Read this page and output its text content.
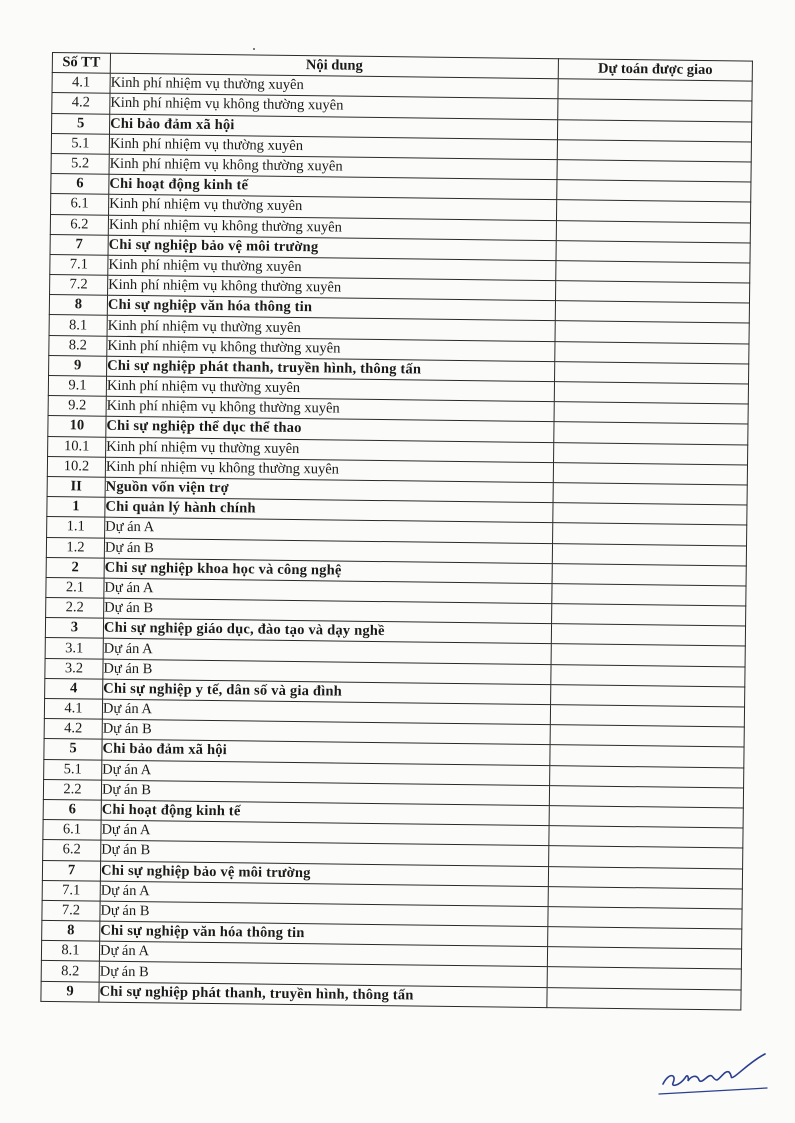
Số TT	Nội dung	Dự toán được giao
4.1	Kinh phí nhiệm vụ thường xuyên	
4.2	Kinh phí nhiệm vụ không thường xuyên	
5	Chi bảo đảm xã hội	
5.1	Kinh phí nhiệm vụ thường xuyên	
5.2	Kinh phí nhiệm vụ không thường xuyên	
6	Chi hoạt động kinh tế	
6.1	Kinh phí nhiệm vụ thường xuyên	
6.2	Kinh phí nhiệm vụ không thường xuyên	
7	Chi sự nghiệp bảo vệ môi trường	
7.1	Kinh phí nhiệm vụ thường xuyên	
7.2	Kinh phí nhiệm vụ không thường xuyên	
8	Chi sự nghiệp văn hóa thông tin	
8.1	Kinh phí nhiệm vụ thường xuyên	
8.2	Kinh phí nhiệm vụ không thường xuyên	
9	Chi sự nghiệp phát thanh, truyền hình, thông tấn	
9.1	Kinh phí nhiệm vụ thường xuyên	
9.2	Kinh phí nhiệm vụ không thường xuyên	
10	Chi sự nghiệp thể dục thể thao	
10.1	Kinh phí nhiệm vụ thường xuyên	
10.2	Kinh phí nhiệm vụ không thường xuyên	
II	Nguồn vốn viện trợ	
1	Chi quản lý hành chính	
1.1	Dự án A	
1.2	Dự án B	
2	Chi sự nghiệp khoa học và công nghệ	
2.1	Dự án A	
2.2	Dự án B	
3	Chi sự nghiệp giáo dục, đào tạo và dạy nghề	
3.1	Dự án A	
3.2	Dự án B	
4	Chi sự nghiệp y tế, dân số và gia đình	
4.1	Dự án A	
4.2	Dự án B	
5	Chi bảo đảm xã hội	
5.1	Dự án A	
2.2	Dự án B	
6	Chi hoạt động kinh tế	
6.1	Dự án A	
6.2	Dự án B	
7	Chi sự nghiệp bảo vệ môi trường	
7.1	Dự án A	
7.2	Dự án B	
8	Chi sự nghiệp văn hóa thông tin	
8.1	Dự án A	
8.2	Dự án B	
9	Chi sự nghiệp phát thanh, truyền hình, thông tấn	
